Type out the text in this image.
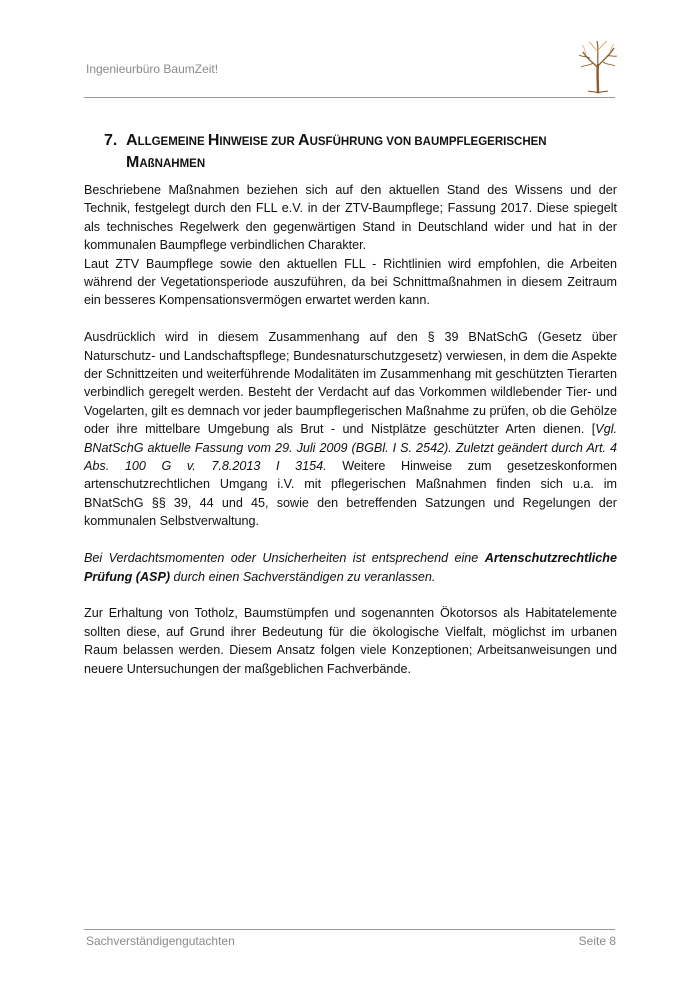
Ingenieurbüro BaumZeit!
7. ALLGEMEINE HINWEISE ZUR AUSFÜHRUNG VON BAUMPFLEGERISCHEN
MAßNAHMEN

Beschriebene Maßnahmen beziehen sich auf den aktuellen Stand des Wissens und der Technik, festgelegt durch den FLL e.V. in der ZTV-Baumpflege; Fassung 2017. Diese spiegelt als technisches Regelwerk den gegenwärtigen Stand in Deutschland wider und hat in der kommunalen Baumpflege verbindlichen Charakter.

Laut ZTV Baumpflege sowie den aktuellen FLL - Richtlinien wird empfohlen, die Arbeiten während der Vegetationsperiode auszuführen, da bei Schnittmaßnahmen in diesem Zeitraum ein besseres Kompensationsvermögen erwartet werden kann.

Ausdrücklich wird in diesem Zusammenhang auf den § 39 BNatSchG (Gesetz über Naturschutz- und Landschaftspflege; Bundesnaturschutzgesetz) verwiesen, in dem die Aspekte der Schnittzeiten und weiterführende Modalitäten im Zusammenhang mit geschützten Tierarten verbindlich geregelt werden. Besteht der Verdacht auf das Vorkommen wildlebender Tier- und Vogelarten, gilt es demnach vor jeder baumpflegerischen Maßnahme zu prüfen, ob die Gehölze oder ihre mittelbare Umgebung als Brut - und Nistplätze geschützter Arten dienen. [Vgl. BNatSchG aktuelle Fassung vom 29. Juli 2009 (BGBl. I S. 2542). Zuletzt geändert durch Art. 4 Abs. 100 G v. 7.8.2013 I 3154. Weitere Hinweise zum gesetzeskonformen artenschutzrechtlichen Umgang i.V. mit pflegerischen Maßnahmen finden sich u.a. im BNatSchG §§ 39, 44 und 45, sowie den betreffenden Satzungen und Regelungen der kommunalen Selbstverwaltung.

Bei Verdachtsmomenten oder Unsicherheiten ist entsprechend eine Artenschutzrechtliche Prüfung (ASP) durch einen Sachverständigen zu veranlassen.

Zur Erhaltung von Totholz, Baumstümpfen und sogenannten Ökotorsos als Habitatelemente sollten diese, auf Grund ihrer Bedeutung für die ökologische Vielfalt, möglichst im urbanen Raum belassen werden. Diesem Ansatz folgen viele Konzeptionen; Arbeitsanweisungen und neuere Untersuchungen der maßgeblichen Fachverbände.

Sachverständigengutachten	Seite 8
